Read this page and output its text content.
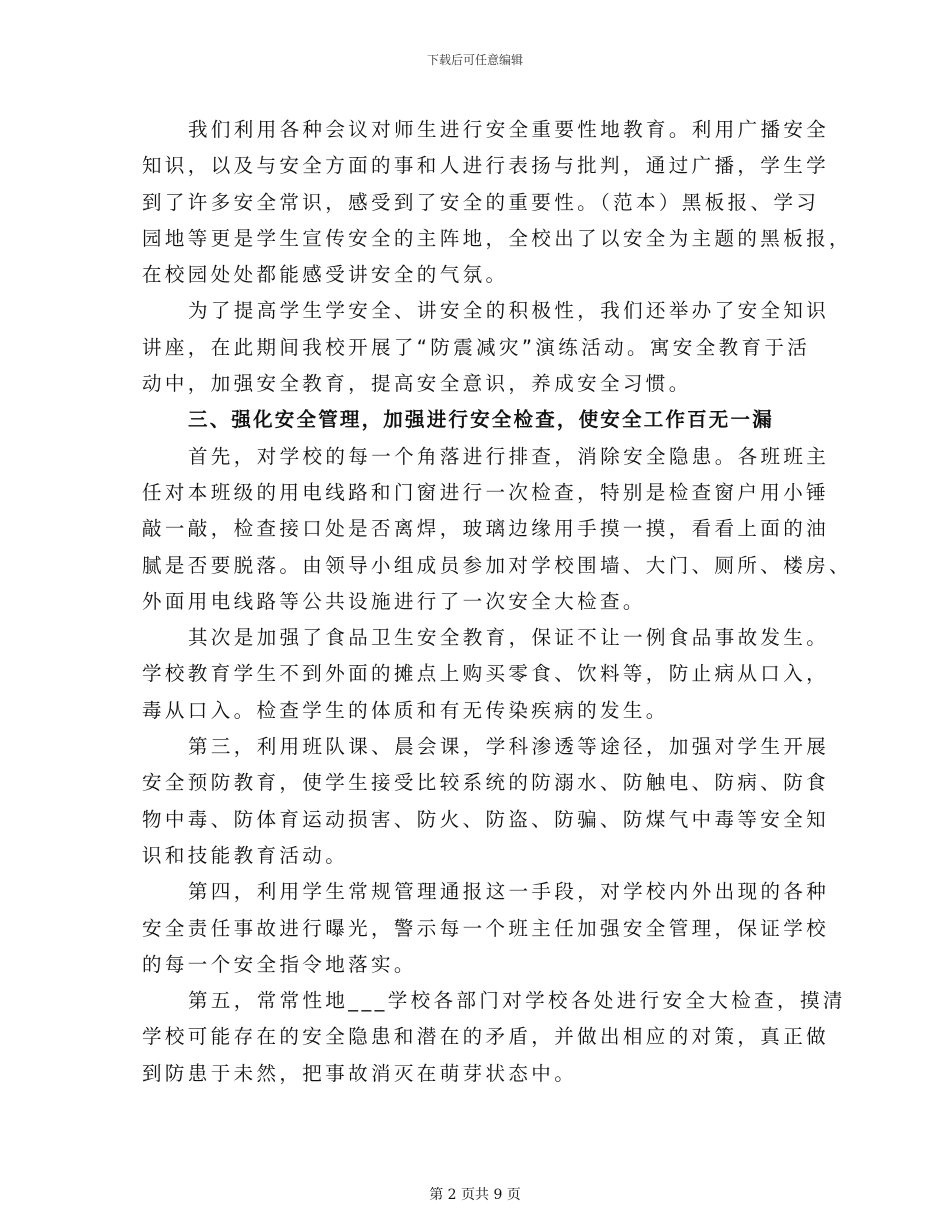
下载后可任意编辑
我们利用各种会议对师生进行安全重要性地教育。利用广播安全
知识，以及与安全方面的事和人进行表扬与批判，通过广播，学生学
到了许多安全常识，感受到了安全的重要性。（范本）黑板报、学习
园地等更是学生宣传安全的主阵地，全校出了以安全为主题的黑板报，
在校园处处都能感受讲安全的气氛。
为了提高学生学安全、讲安全的积极性，我们还举办了安全知识
讲座，在此期间我校开展了“防震减灾”演练活动。寓安全教育于活
动中，加强安全教育，提高安全意识，养成安全习惯。
三、强化安全管理，加强进行安全检查，使安全工作百无一漏
首先，对学校的每一个角落进行排查，消除安全隐患。各班班主
任对本班级的用电线路和门窗进行一次检查，特别是检查窗户用小锤
敲一敲，检查接口处是否离焊，玻璃边缘用手摸一摸，看看上面的油
腻是否要脱落。由领导小组成员参加对学校围墙、大门、厕所、楼房、
外面用电线路等公共设施进行了一次安全大检查。
其次是加强了食品卫生安全教育，保证不让一例食品事故发生。
学校教育学生不到外面的摊点上购买零食、饮料等，防止病从口入，
毒从口入。检查学生的体质和有无传染疾病的发生。
第三，利用班队课、晨会课，学科渗透等途径，加强对学生开展
安全预防教育，使学生接受比较系统的防溺水、防触电、防病、防食
物中毒、防体育运动损害、防火、防盗、防骗、防煤气中毒等安全知
识和技能教育活动。
第四，利用学生常规管理通报这一手段，对学校内外出现的各种
安全责任事故进行曝光，警示每一个班主任加强安全管理，保证学校
的每一个安全指令地落实。
第五，常常性地___学校各部门对学校各处进行安全大检查，摸清
学校可能存在的安全隐患和潜在的矛盾，并做出相应的对策，真正做
到防患于未然，把事故消灭在萌芽状态中。
第 2 页共 9 页
